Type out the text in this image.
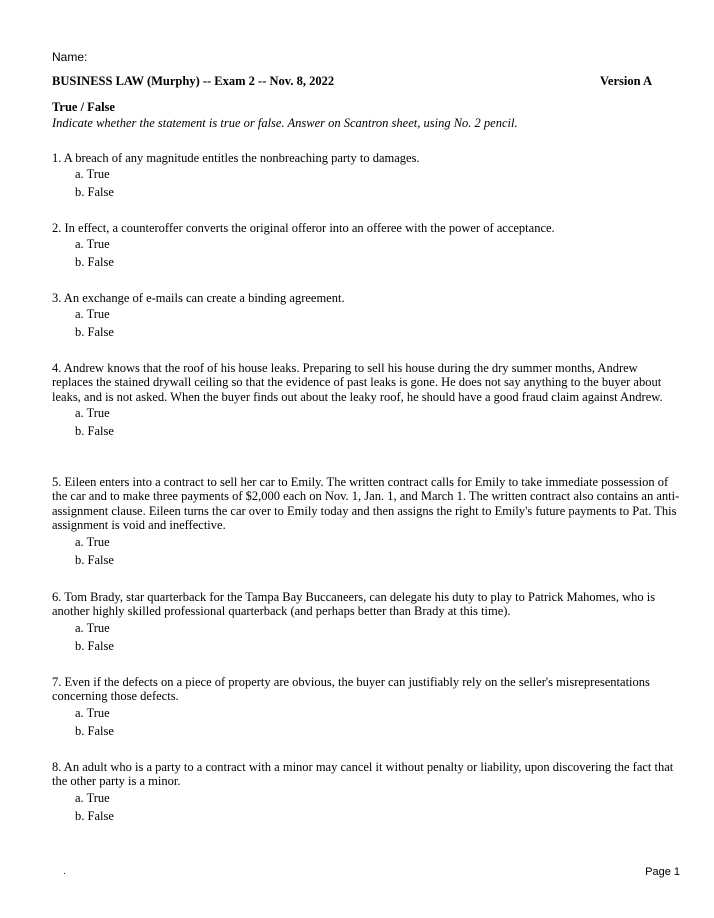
Name:
BUSINESS LAW (Murphy) -- Exam 2 -- Nov. 8, 2022	Version A
True / False
Indicate whether the statement is true or false. Answer on Scantron sheet, using No. 2 pencil.
1. A breach of any magnitude entitles the nonbreaching party to damages.
a. True
b. False
2. In effect, a counteroffer converts the original offeror into an offeree with the power of acceptance.
a. True
b. False
3. An exchange of e-mails can create a binding agreement.
a. True
b. False
4. Andrew knows that the roof of his house leaks. Preparing to sell his house during the dry summer months, Andrew replaces the stained drywall ceiling so that the evidence of past leaks is gone. He does not say anything to the buyer about leaks, and is not asked. When the buyer finds out about the leaky roof, he should have a good fraud claim against Andrew.
a. True
b. False
5. Eileen enters into a contract to sell her car to Emily. The written contract calls for Emily to take immediate possession of the car and to make three payments of $2,000 each on Nov. 1, Jan. 1, and March 1. The written contract also contains an anti-assignment clause. Eileen turns the car over to Emily today and then assigns the right to Emily's future payments to Pat. This assignment is void and ineffective.
a. True
b. False
6. Tom Brady, star quarterback for the Tampa Bay Buccaneers, can delegate his duty to play to Patrick Mahomes, who is another highly skilled professional quarterback (and perhaps better than Brady at this time).
a. True
b. False
7. Even if the defects on a piece of property are obvious, the buyer can justifiably rely on the seller's misrepresentations concerning those defects.
a. True
b. False
8. An adult who is a party to a contract with a minor may cancel it without penalty or liability, upon discovering the fact that the other party is a minor.
a. True
b. False
.	Page 1
